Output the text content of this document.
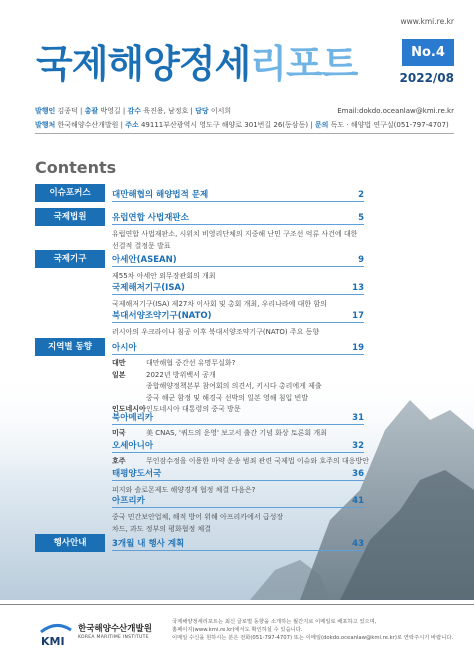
www.kmi.re.kr
국제해양정세리포트	No.4
2022/08
발행인 김종덕 | 총괄 박영길 | 감수 육진용, 남정호 | 담당 이서희	Email:dokdo.oceanlaw@kmi.re.kr
발행처 한국해양수산개발원 | 주소 49111부산광역시 영도구 해양로 301번길 26(동삼동) | 문의 독도 · 해양법 연구실(051-797-4707)
Contents
이슈포커스	대만해협의 해양법적 문제	2
국제법원	유럽연합 사법재판소	5
유럽연합 사법재판소, 시위치 비영리단체의 지중해 난민 구조선 억류 사건에 대한
선결적 결정문 발표
국제기구	아세안(ASEAN)	9
제55차 아세안 외무장관회의 개최
국제해저기구(ISA)	13
국제해저기구(ISA) 제27차 이사회 및 총회 개최, 우리나라에 대한 함의
북대서양조약기구(NATO)	17
러시아의 우크라이나 침공 이후 북대서양조약기구(NATO) 주요 동향
지역별 동향	아시아	19
대만	대만해협 중간선 유명무실화?
일본	2022년 방위백서 공개
종합해양정책본부 참여회의 의견서, 키시다 총리에게 제출
중국 해군 함정 및 해경국 선박의 일본 영해 침입 빈발
인도네시아 인도네시아 대통령의 중국 방문
북아메리카	31
미국	美 CNAS, '쿼드의 운영' 보고서 출간 기념 화상 토론회 개최
오세아니아	32
호주	무인잠수정을 이용한 마약 운송 범죄 관련 국제법 이슈와 호주의 대응방안
태평양도서국	36
피지와 솔로몬제도 해양경계 협정 체결 다음은?
아프리카	41
중국 민간보안업체, 해적 방어 위해 아프리카에서 급성장
차드, 과도 정부의 평화협정 체결
행사안내	3개월 내 행사 계획	43
KMI
한국해양수산개발원
KOREA MARITIME INSTITUTE
국제해양정세리포트는 최신 글로벌 동향을 소개하는 월간지로 이메일로 배포하고 있으며,
홈페이지(www.kmi.re.kr)에서도 확인하실 수 있습니다.
이메일 수신을 원하시는 분은 전화(051-797-4707) 또는 이메일(dokdo.oceanlaw@kmi.re.kr)로 연락주시기 바랍니다.
